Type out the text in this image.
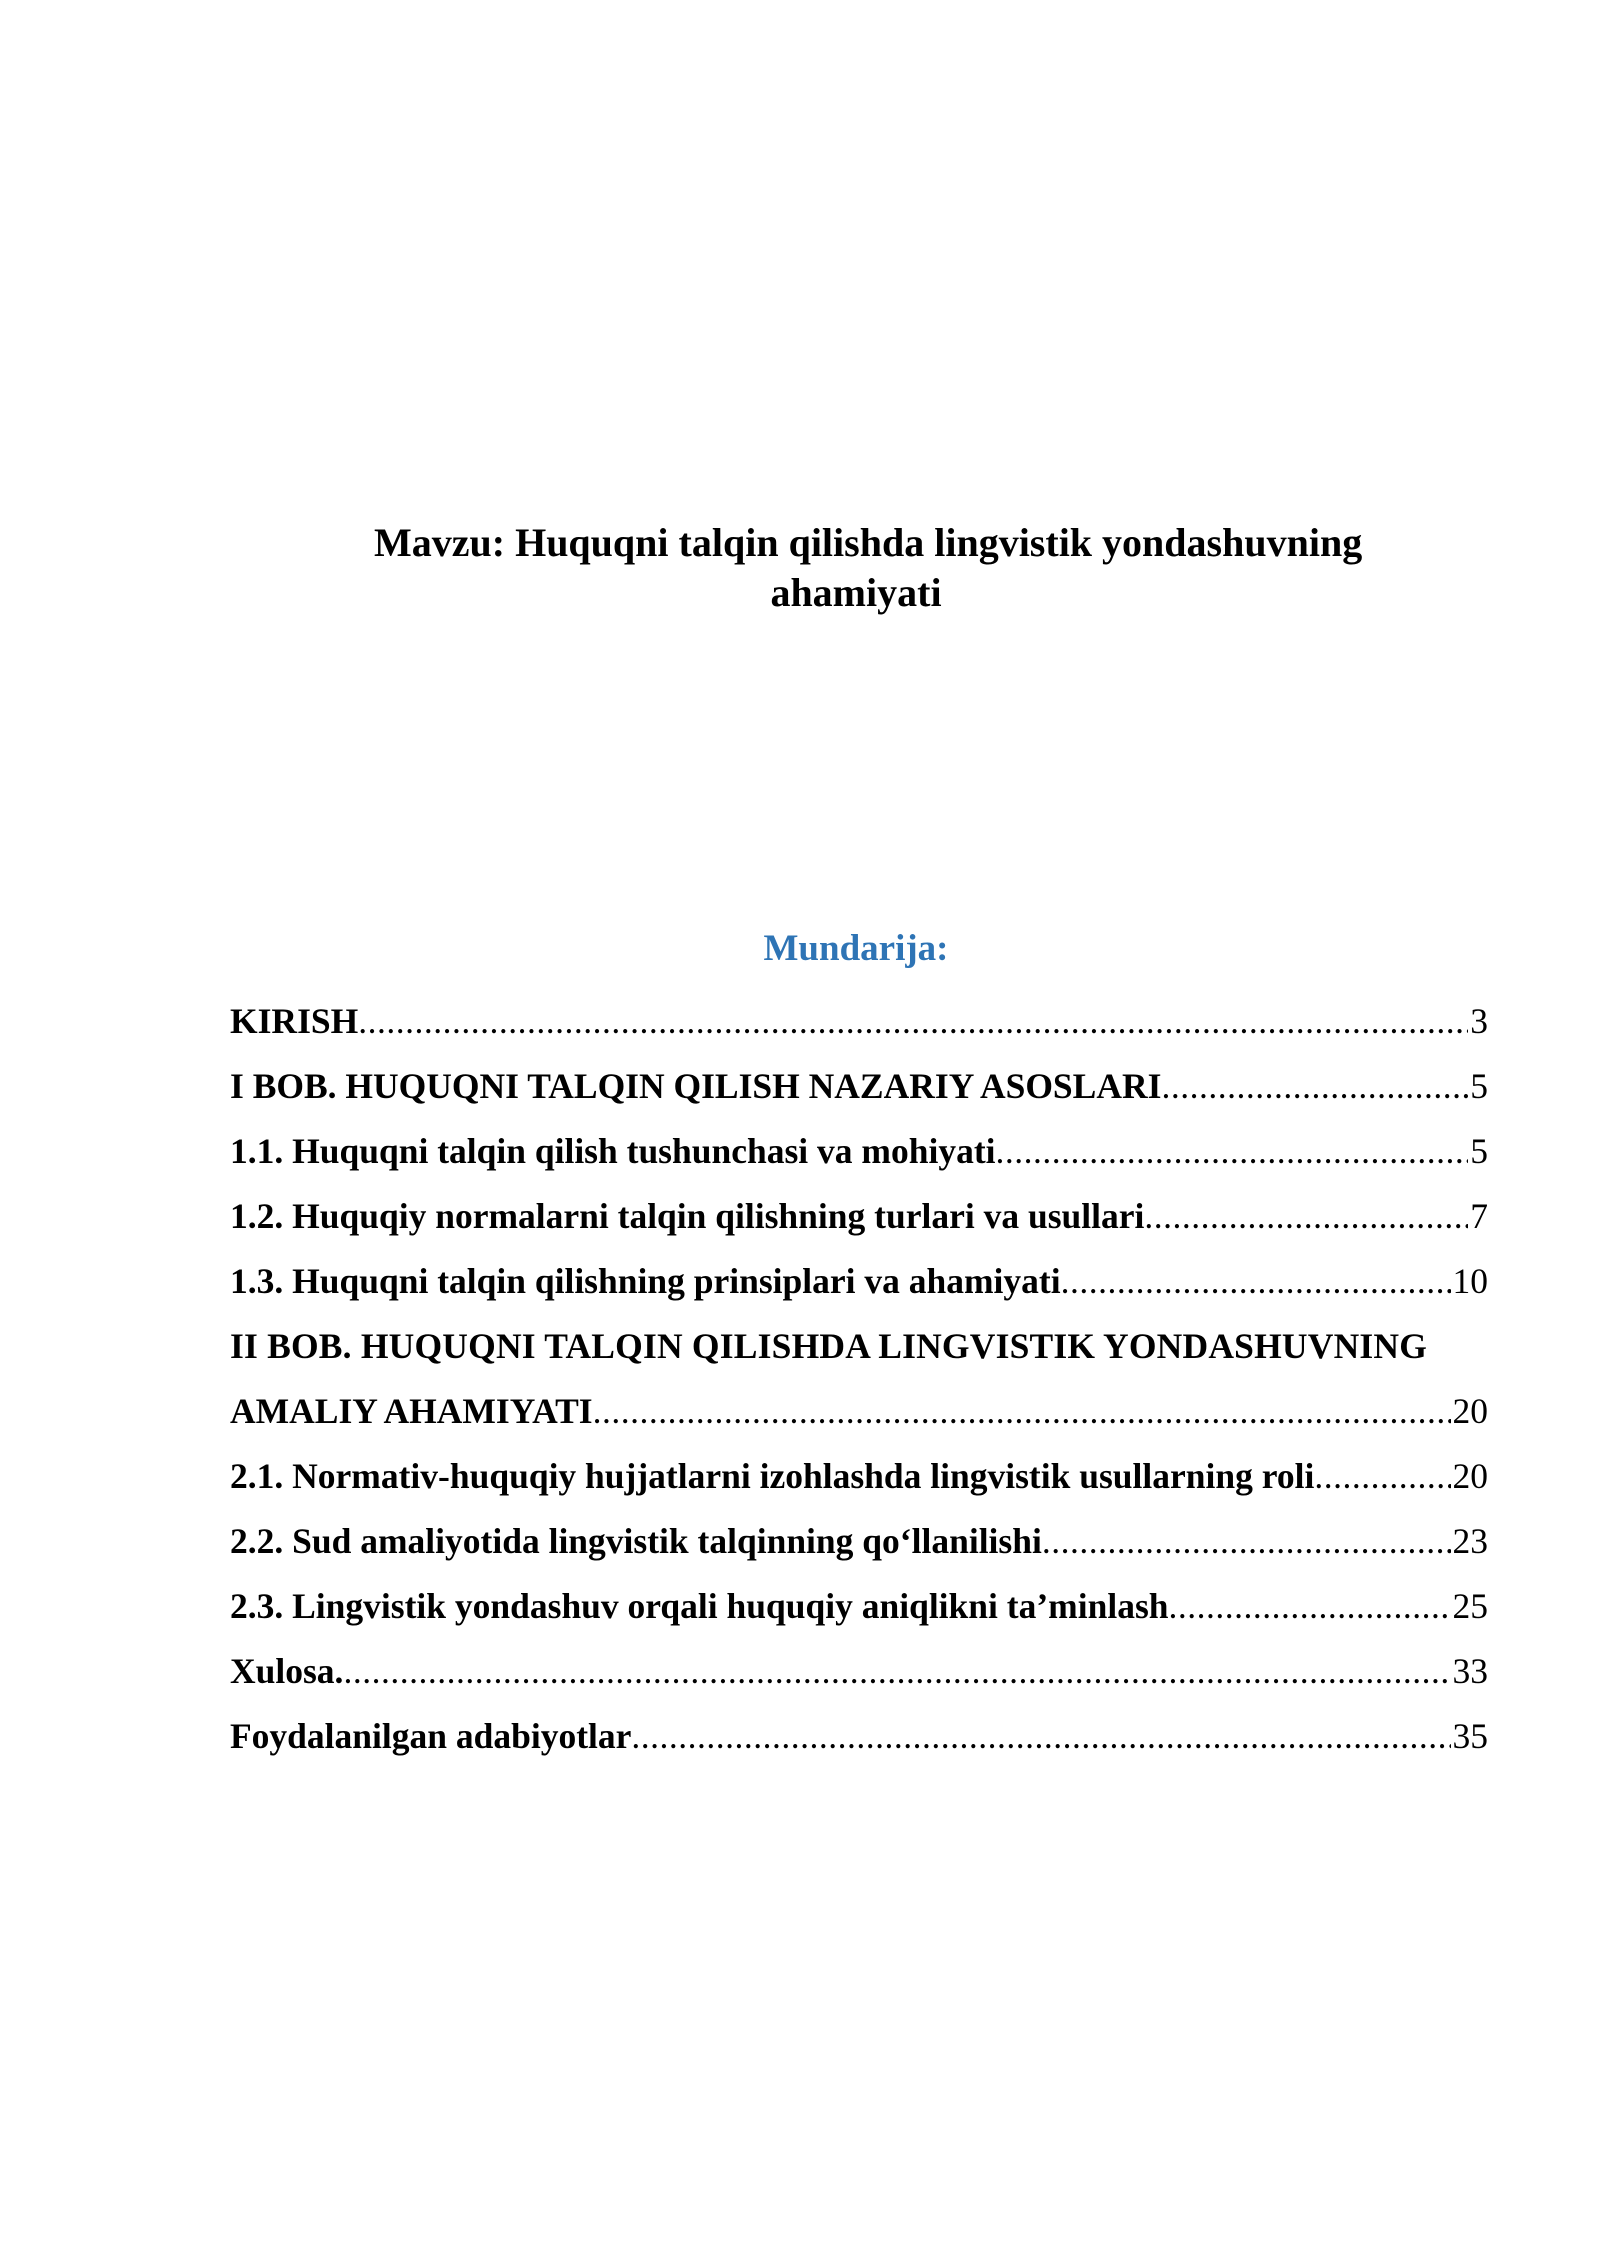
Mavzu: Huquqni talqin qilishda lingvistik yondashuvning
ahamiyati
Mundarija:
KIRISH .....	3
I BOB. HUQUQNI TALQIN QILISH NAZARIY ASOSLARI .....	5
1.1. Huquqni talqin qilish tushunchasi va mohiyati .....	5
1.2. Huquqiy normalarni talqin qilishning turlari va usullari .....	7
1.3. Huquqni talqin qilishning prinsiplari va ahamiyati .....	10
II BOB. HUQUQNI TALQIN QILISHDA LINGVISTIK YONDASHUVNING
AMALIY AHAMIYATI .....	20
2.1. Normativ-huquqiy hujjatlarni izohlashda lingvistik usullarning roli .....	20
2.2. Sud amaliyotida lingvistik talqinning qo‘llanilishi .....	23
2.3. Lingvistik yondashuv orqali huquqiy aniqlikni ta’minlash .....	25
Xulosa. .....	33
Foydalanilgan adabiyotlar .....	35
